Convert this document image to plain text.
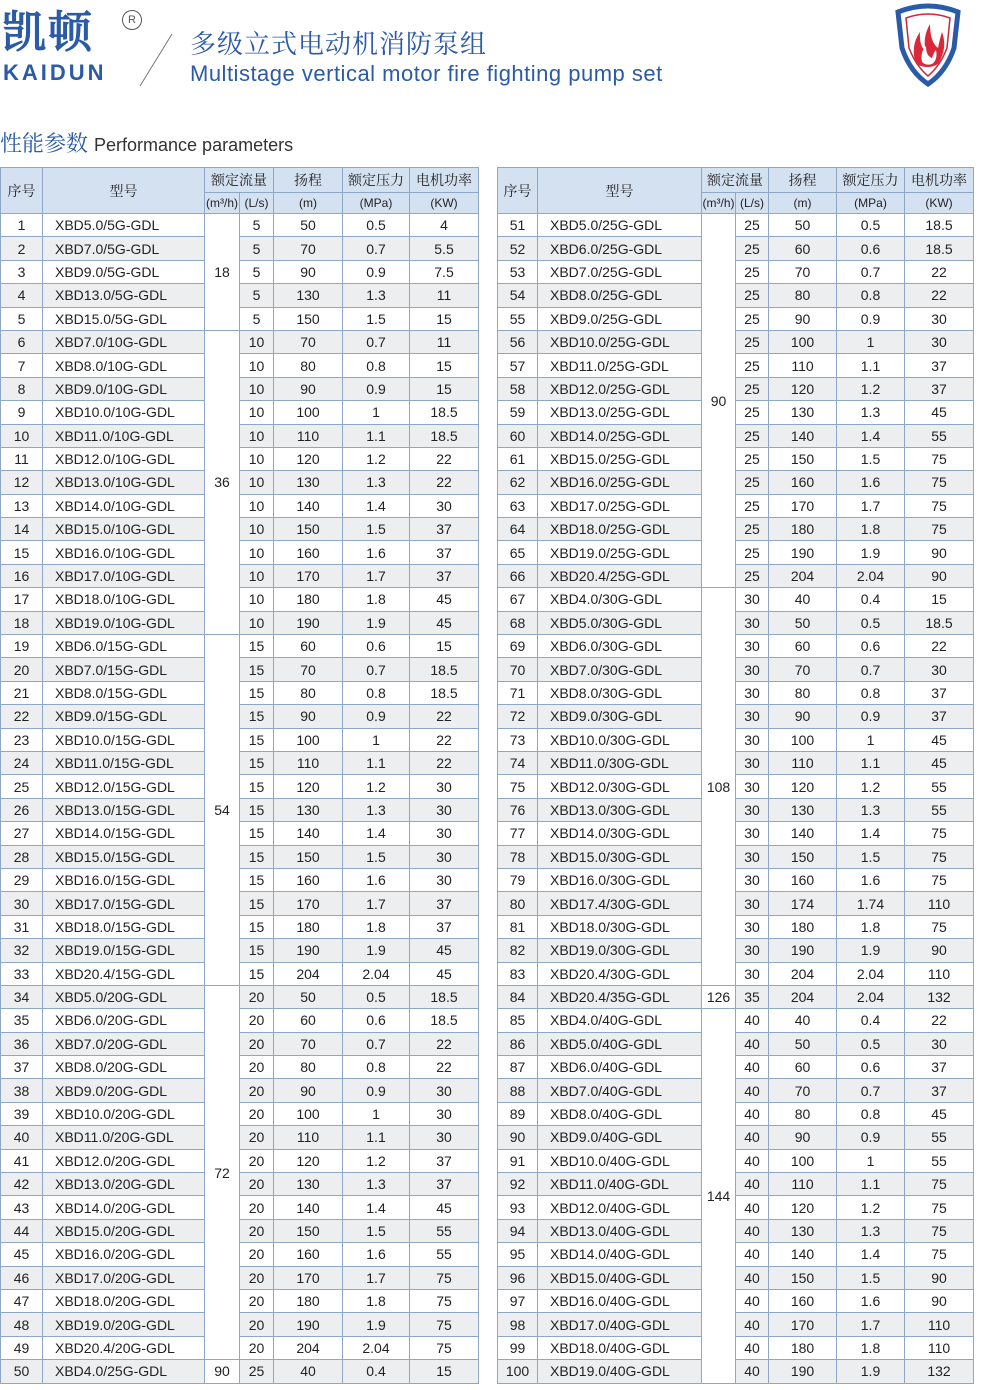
凯顿	R
KAIDUN
多级立式电动机消防泵组
Multistage vertical motor fire fighting pump set
性能参数 Performance parameters
序号	型号	额定流量		扬程	额定压力	电机功率
		(m³/h)	(L/s)	(m)	(MPa)	(KW)
1	XBD5.0/5G-GDL	18	5	50	0.5	4
2	XBD7.0/5G-GDL		5	70	0.7	5.5
3	XBD9.0/5G-GDL		5	90	0.9	7.5
4	XBD13.0/5G-GDL		5	130	1.3	11
5	XBD15.0/5G-GDL		5	150	1.5	15
6	XBD7.0/10G-GDL	36	10	70	0.7	11
7	XBD8.0/10G-GDL		10	80	0.8	15
8	XBD9.0/10G-GDL		10	90	0.9	15
9	XBD10.0/10G-GDL		10	100	1	18.5
10	XBD11.0/10G-GDL		10	110	1.1	18.5
11	XBD12.0/10G-GDL		10	120	1.2	22
12	XBD13.0/10G-GDL		10	130	1.3	22
13	XBD14.0/10G-GDL		10	140	1.4	30
14	XBD15.0/10G-GDL		10	150	1.5	37
15	XBD16.0/10G-GDL		10	160	1.6	37
16	XBD17.0/10G-GDL		10	170	1.7	37
17	XBD18.0/10G-GDL		10	180	1.8	45
18	XBD19.0/10G-GDL		10	190	1.9	45
19	XBD6.0/15G-GDL	54	15	60	0.6	15
20	XBD7.0/15G-GDL		15	70	0.7	18.5
21	XBD8.0/15G-GDL		15	80	0.8	18.5
22	XBD9.0/15G-GDL		15	90	0.9	22
23	XBD10.0/15G-GDL		15	100	1	22
24	XBD11.0/15G-GDL		15	110	1.1	22
25	XBD12.0/15G-GDL		15	120	1.2	30
26	XBD13.0/15G-GDL		15	130	1.3	30
27	XBD14.0/15G-GDL		15	140	1.4	30
28	XBD15.0/15G-GDL		15	150	1.5	30
29	XBD16.0/15G-GDL		15	160	1.6	30
30	XBD17.0/15G-GDL		15	170	1.7	37
31	XBD18.0/15G-GDL		15	180	1.8	37
32	XBD19.0/15G-GDL		15	190	1.9	45
33	XBD20.4/15G-GDL		15	204	2.04	45
34	XBD5.0/20G-GDL	72	20	50	0.5	18.5
35	XBD6.0/20G-GDL		20	60	0.6	18.5
36	XBD7.0/20G-GDL		20	70	0.7	22
37	XBD8.0/20G-GDL		20	80	0.8	22
38	XBD9.0/20G-GDL		20	90	0.9	30
39	XBD10.0/20G-GDL		20	100	1	30
40	XBD11.0/20G-GDL		20	110	1.1	30
41	XBD12.0/20G-GDL		20	120	1.2	37
42	XBD13.0/20G-GDL		20	130	1.3	37
43	XBD14.0/20G-GDL		20	140	1.4	45
44	XBD15.0/20G-GDL		20	150	1.5	55
45	XBD16.0/20G-GDL		20	160	1.6	55
46	XBD17.0/20G-GDL		20	170	1.7	75
47	XBD18.0/20G-GDL		20	180	1.8	75
48	XBD19.0/20G-GDL		20	190	1.9	75
49	XBD20.4/20G-GDL		20	204	2.04	75
50	XBD4.0/25G-GDL	90	25	40	0.4	15
序号	型号	额定流量		扬程	额定压力	电机功率
		(m³/h)	(L/s)	(m)	(MPa)	(KW)
51	XBD5.0/25G-GDL	90	25	50	0.5	18.5
52	XBD6.0/25G-GDL		25	60	0.6	18.5
53	XBD7.0/25G-GDL		25	70	0.7	22
54	XBD8.0/25G-GDL		25	80	0.8	22
55	XBD9.0/25G-GDL		25	90	0.9	30
56	XBD10.0/25G-GDL		25	100	1	30
57	XBD11.0/25G-GDL		25	110	1.1	37
58	XBD12.0/25G-GDL		25	120	1.2	37
59	XBD13.0/25G-GDL		25	130	1.3	45
60	XBD14.0/25G-GDL		25	140	1.4	55
61	XBD15.0/25G-GDL		25	150	1.5	75
62	XBD16.0/25G-GDL		25	160	1.6	75
63	XBD17.0/25G-GDL		25	170	1.7	75
64	XBD18.0/25G-GDL		25	180	1.8	75
65	XBD19.0/25G-GDL		25	190	1.9	90
66	XBD20.4/25G-GDL		25	204	2.04	90
67	XBD4.0/30G-GDL	108	30	40	0.4	15
68	XBD5.0/30G-GDL		30	50	0.5	18.5
69	XBD6.0/30G-GDL		30	60	0.6	22
70	XBD7.0/30G-GDL		30	70	0.7	30
71	XBD8.0/30G-GDL		30	80	0.8	37
72	XBD9.0/30G-GDL		30	90	0.9	37
73	XBD10.0/30G-GDL		30	100	1	45
74	XBD11.0/30G-GDL		30	110	1.1	45
75	XBD12.0/30G-GDL		30	120	1.2	55
76	XBD13.0/30G-GDL		30	130	1.3	55
77	XBD14.0/30G-GDL		30	140	1.4	75
78	XBD15.0/30G-GDL		30	150	1.5	75
79	XBD16.0/30G-GDL		30	160	1.6	75
80	XBD17.4/30G-GDL		30	174	1.74	110
81	XBD18.0/30G-GDL		30	180	1.8	75
82	XBD19.0/30G-GDL		30	190	1.9	90
83	XBD20.4/30G-GDL		30	204	2.04	110
84	XBD20.4/35G-GDL	126	35	204	2.04	132
85	XBD4.0/40G-GDL	144	40	40	0.4	22
86	XBD5.0/40G-GDL		40	50	0.5	30
87	XBD6.0/40G-GDL		40	60	0.6	37
88	XBD7.0/40G-GDL		40	70	0.7	37
89	XBD8.0/40G-GDL		40	80	0.8	45
90	XBD9.0/40G-GDL		40	90	0.9	55
91	XBD10.0/40G-GDL		40	100	1	55
92	XBD11.0/40G-GDL		40	110	1.1	75
93	XBD12.0/40G-GDL		40	120	1.2	75
94	XBD13.0/40G-GDL		40	130	1.3	75
95	XBD14.0/40G-GDL		40	140	1.4	75
96	XBD15.0/40G-GDL		40	150	1.5	90
97	XBD16.0/40G-GDL		40	160	1.6	90
98	XBD17.0/40G-GDL		40	170	1.7	110
99	XBD18.0/40G-GDL		40	180	1.8	110
100	XBD19.0/40G-GDL		40	190	1.9	132
